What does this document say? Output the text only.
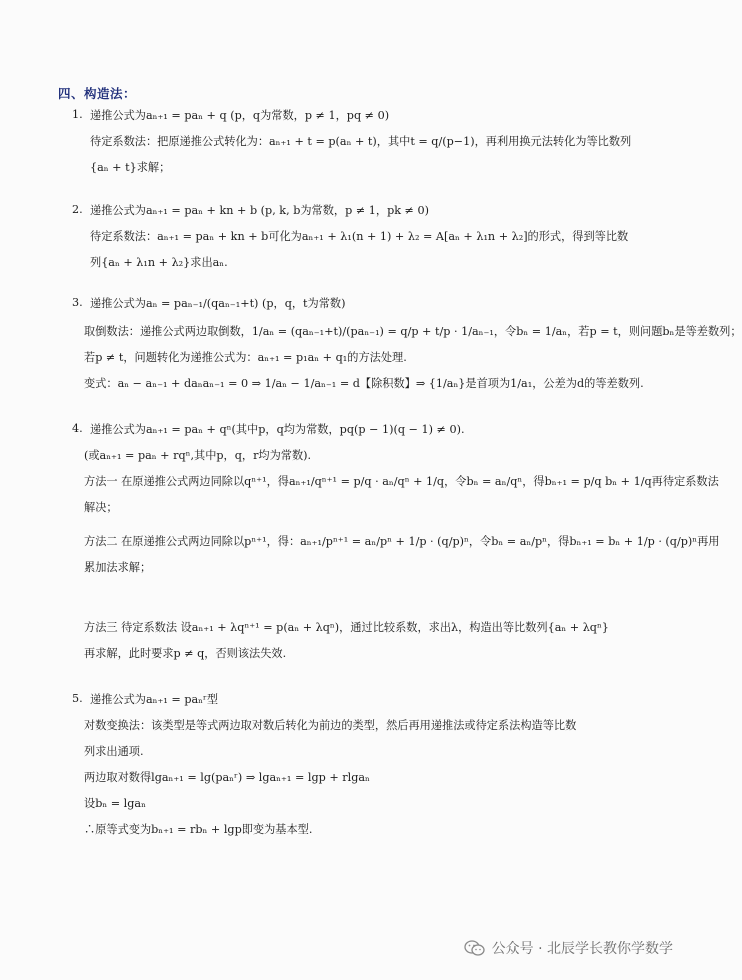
四、构造法：
1. 递推公式为aₙ₊₁ = paₙ + q (p，q为常数，p ≠ 1，pq ≠ 0)
待定系数法：把原递推公式转化为：aₙ₊₁ + t = p(aₙ + t)，其中t = q/(p−1)，再利用换元法转化为等比数列
{aₙ + t}求解；
2. 递推公式为aₙ₊₁ = paₙ + kn + b (p, k, b为常数，p ≠ 1，pk ≠ 0)
待定系数法：aₙ₊₁ = paₙ + kn + b可化为aₙ₊₁ + λ₁(n + 1) + λ₂ = A[aₙ + λ₁n + λ₂]的形式，得到等比数
列{aₙ + λ₁n + λ₂}求出aₙ.
3. 递推公式为aₙ = paₙ₋₁/(qaₙ₋₁+t) (p，q，t为常数)
取倒数法：递推公式两边取倒数，1/aₙ = (qaₙ₋₁+t)/(paₙ₋₁) = q/p + t/p · 1/aₙ₋₁，令bₙ = 1/aₙ，若p = t，则问题bₙ是等差数列；
若p ≠ t，问题转化为递推公式为：aₙ₊₁ = p₁aₙ + q₁的方法处理.
变式：aₙ − aₙ₋₁ + daₙaₙ₋₁ = 0 ⇒ 1/aₙ − 1/aₙ₋₁ = d【除积数】⇒ {1/aₙ}是首项为1/a₁，公差为d的等差数列.
4. 递推公式为aₙ₊₁ = paₙ + qⁿ(其中p，q均为常数，pq(p − 1)(q − 1) ≠ 0).
(或aₙ₊₁ = paₙ + rqⁿ,其中p，q，r均为常数).
方法一 在原递推公式两边同除以qⁿ⁺¹，得aₙ₊₁/qⁿ⁺¹ = p/q · aₙ/qⁿ + 1/q，令bₙ = aₙ/qⁿ，得bₙ₊₁ = p/q bₙ + 1/q再待定系数法
解决；
方法二 在原递推公式两边同除以pⁿ⁺¹，得：aₙ₊₁/pⁿ⁺¹ = aₙ/pⁿ + 1/p · (q/p)ⁿ，令bₙ = aₙ/pⁿ，得bₙ₊₁ = bₙ + 1/p · (q/p)ⁿ再用
累加法求解；
方法三 待定系数法 设aₙ₊₁ + λqⁿ⁺¹ = p(aₙ + λqⁿ)，通过比较系数，求出λ，构造出等比数列{aₙ + λqⁿ}
再求解，此时要求p ≠ q，否则该法失效.
5. 递推公式为aₙ₊₁ = paₙʳ型
对数变换法：该类型是等式两边取对数后转化为前边的类型，然后再用递推法或待定系法构造等比数
列求出通项.
两边取对数得lgaₙ₊₁ = lg(paₙʳ) ⇒ lgaₙ₊₁ = lgp + rlgaₙ
设bₙ = lgaₙ
∴原等式变为bₙ₊₁ = rbₙ + lgp即变为基本型.
公众号 · 北辰学长教你学数学
